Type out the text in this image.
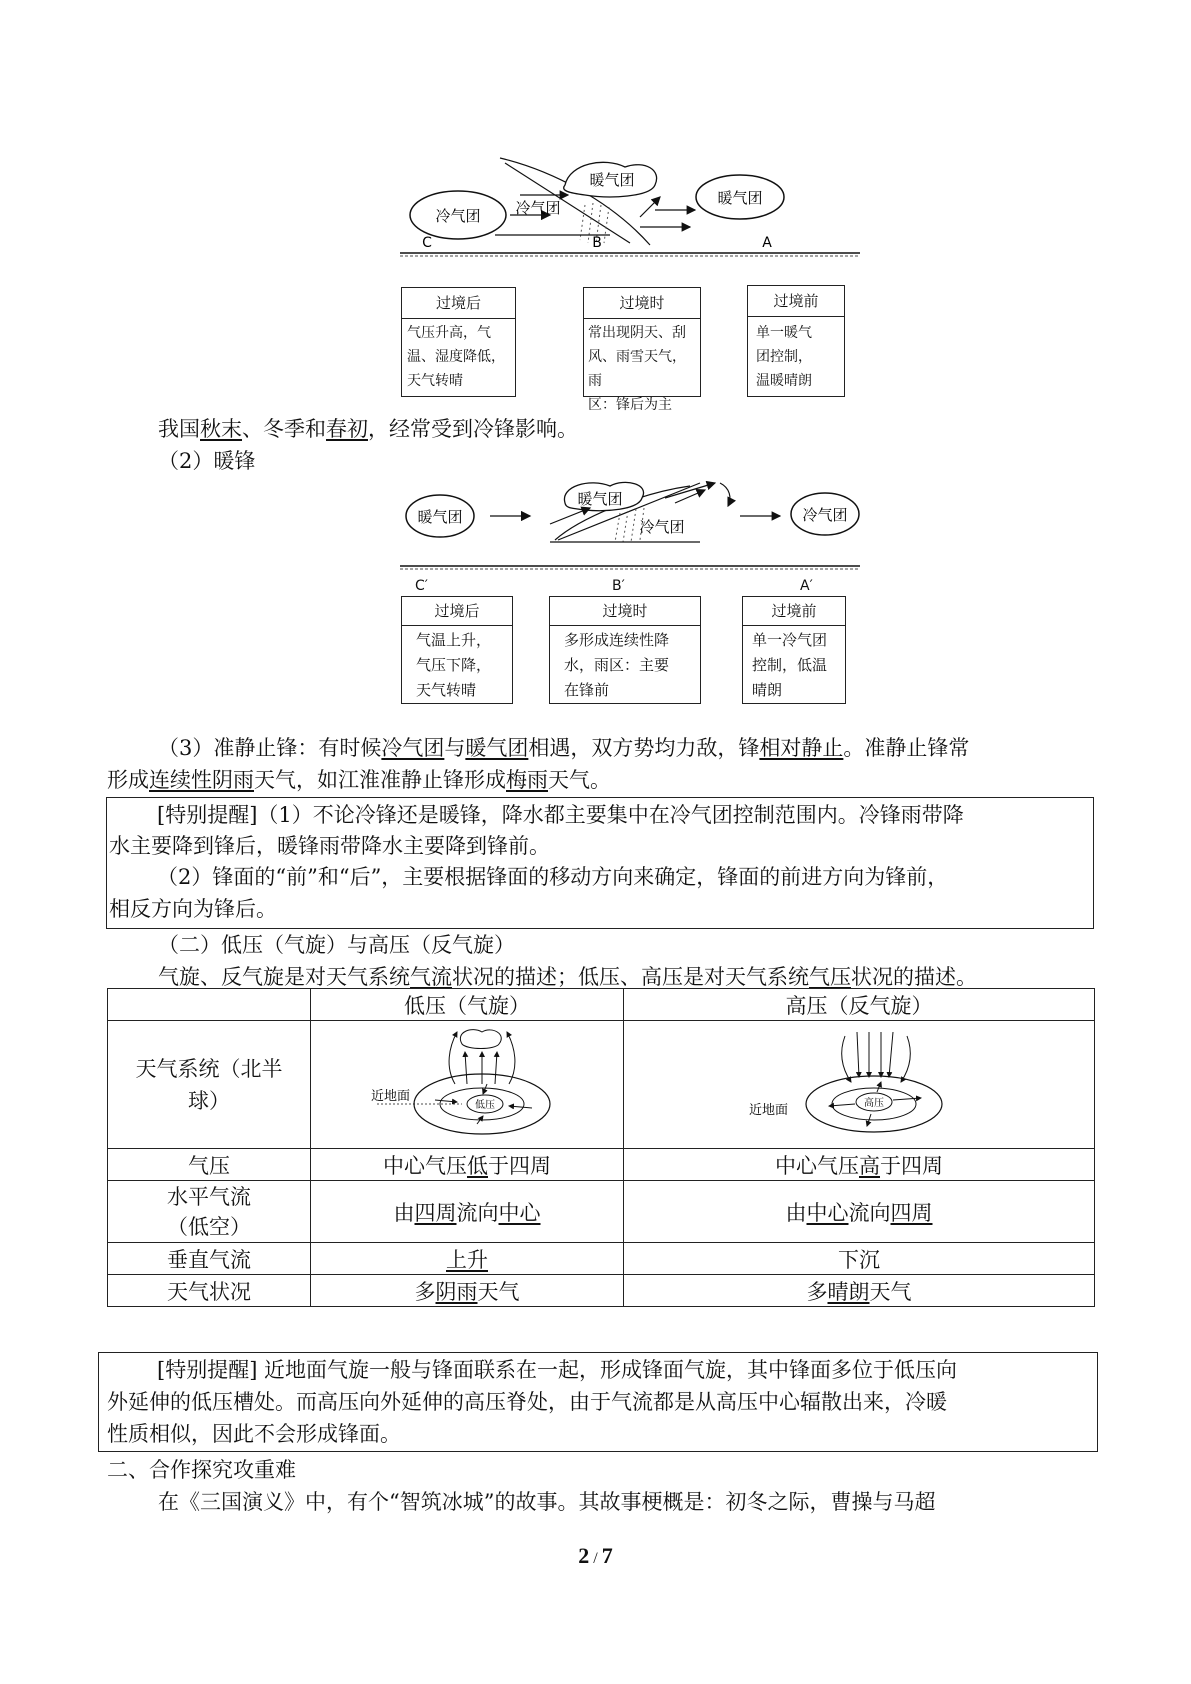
冷气团
暖气团
冷气团
暖气团
C	B	A
过境后
气压升高，气
温、湿度降低，
天气转晴
过境时
常出现阴天、刮
风、雨雪天气，雨
区：锋后为主
过境前
单一暖气
团控制，
温暖晴朗
我国秋末、冬季和春初，经常受到冷锋影响。
（2）暖锋
暖气团
暖气团
冷气团
冷气团
C′	B′	A′
过境后
气温上升，
气压下降，
天气转晴
过境时
多形成连续性降
水，雨区：主要
在锋前
过境前
单一冷气团
控制，低温
晴朗
（3）准静止锋：有时候冷气团与暖气团相遇，双方势均力敌，锋相对静止。准静止锋常
形成连续性阴雨天气，如江淮准静止锋形成梅雨天气。
[特别提醒]（1）不论冷锋还是暖锋，降水都主要集中在冷气团控制范围内。冷锋雨带降
水主要降到锋后，暖锋雨带降水主要降到锋前。
（2）锋面的“前”和“后”，主要根据锋面的移动方向来确定，锋面的前进方向为锋前，
相反方向为锋后。
（二）低压（气旋）与高压（反气旋）
气旋、反气旋是对天气系统气流状况的描述；低压、高压是对天气系统气压状况的描述。
	低压（气旋）	高压（反气旋）

天气系统（北半球）	低压
近地面	高压
近地面

气压	中心气压低于四周	中心气压高于四周

水平气流
（低空）	由四周流向中心	由中心流向四周
垂直气流	上升	下沉
天气状况	多阴雨天气	多晴朗天气
[特别提醒] 近地面气旋一般与锋面联系在一起，形成锋面气旋，其中锋面多位于低压向
外延伸的低压槽处。而高压向外延伸的高压脊处，由于气流都是从高压中心辐散出来，冷暖
性质相似，因此不会形成锋面。
二、合作探究攻重难
在《三国演义》中，有个“智筑冰城”的故事。其故事梗概是：初冬之际，曹操与马超
2 / 7
